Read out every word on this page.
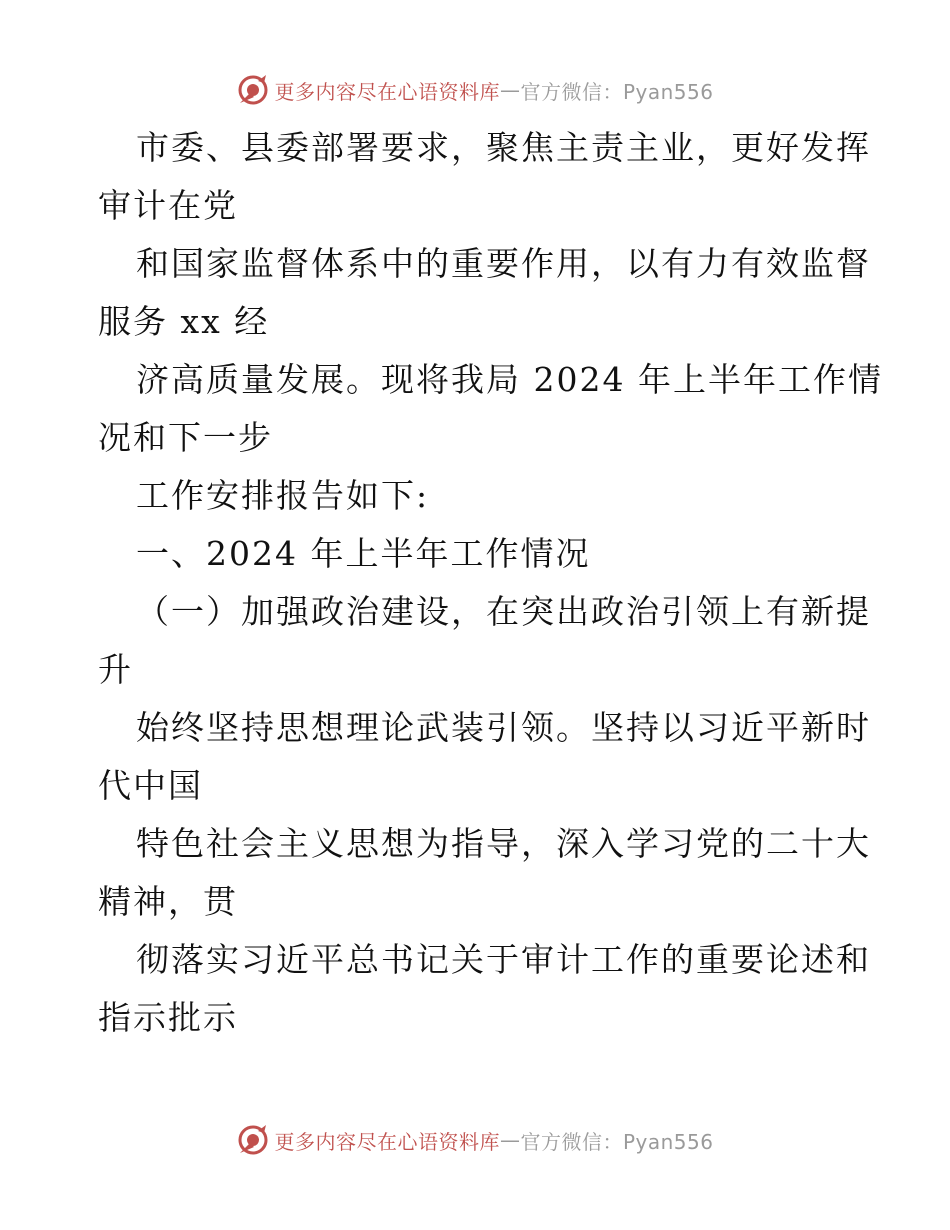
更多内容尽在心语资料库 — 官方微信：Pyan556
市委、县委部署要求，聚焦主责主业，更好发挥
审计在党
和国家监督体系中的重要作用，以有力有效监督
服务 xx 经
济高质量发展。现将我局 2024 年上半年工作情
况和下一步
工作安排报告如下:
一、2024 年上半年工作情况
（一）加强政治建设，在突出政治引领上有新提
升
始终坚持思想理论武装引领。坚持以习近平新时
代中国
特色社会主义思想为指导，深入学习党的二十大
精神，贯
彻落实习近平总书记关于审计工作的重要论述和
指示批示
更多内容尽在心语资料库 — 官方微信：Pyan556
